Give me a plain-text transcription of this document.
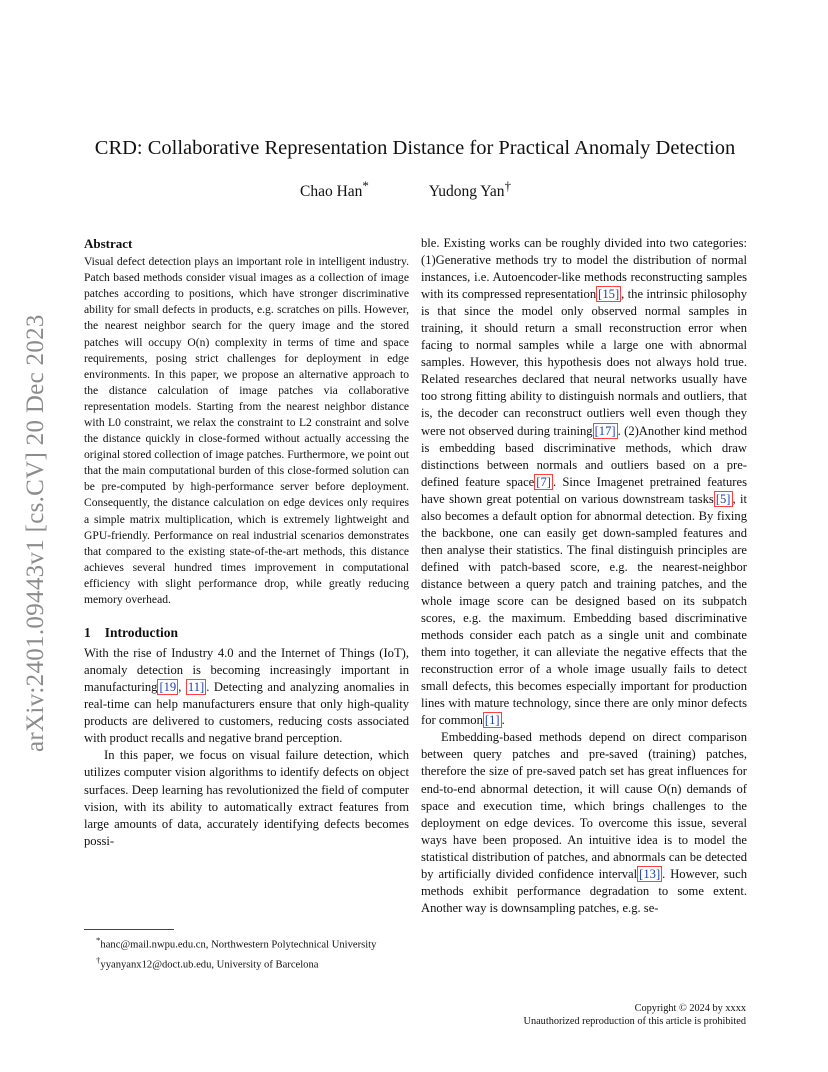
arXiv:2401.09443v1 [cs.CV] 20 Dec 2023
CRD: Collaborative Representation Distance for Practical Anomaly Detection
Chao Han*	Yudong Yan†
Abstract

Visual defect detection plays an important role in intelligent industry. Patch based methods consider visual images as a collection of image patches according to positions, which have stronger discriminative ability for small defects in products, e.g. scratches on pills. However, the nearest neighbor search for the query image and the stored patches will occupy O(n) complexity in terms of time and space requirements, posing strict challenges for deployment in edge environments. In this paper, we propose an alternative approach to the distance calculation of image patches via collaborative representation models. Starting from the nearest neighbor distance with L0 constraint, we relax the constraint to L2 constraint and solve the distance quickly in close-formed without actually accessing the original stored collection of image patches. Furthermore, we point out that the main computational burden of this close-formed solution can be pre-computed by high-performance server before deployment. Consequently, the distance calculation on edge devices only requires a simple matrix multiplication, which is extremely lightweight and GPU-friendly. Performance on real industrial scenarios demonstrates that compared to the existing state-of-the-art methods, this distance achieves several hundred times improvement in computational efficiency with slight performance drop, while greatly reducing memory overhead.

1 Introduction

With the rise of Industry 4.0 and the Internet of Things (IoT), anomaly detection is becoming increasingly important in manufacturing [19 , 11] . Detecting and analyzing anomalies in real-time can help manufacturers ensure that only high-quality products are delivered to customers, reducing costs associated with product recalls and negative brand perception.

In this paper, we focus on visual failure detection, which utilizes computer vision algorithms to identify defects on object surfaces. Deep learning has revolutionized the field of computer vision, with its ability to automatically extract features from large amounts of data, accurately identifying defects becomes possi-

ble. Existing works can be roughly divided into two categories: (1)Generative methods try to model the distribution of normal instances, i.e. Autoencoder-like methods reconstructing samples with its compressed representation [15] , the intrinsic philosophy is that since the model only observed normal samples in training, it should return a small reconstruction error when facing to normal samples while a large one with abnormal samples. However, this hypothesis does not always hold true. Related researches declared that neural networks usually have too strong fitting ability to distinguish normals and outliers, that is, the decoder can reconstruct outliers well even though they were not observed during training [17] . (2)Another kind method is embedding based discriminative methods, which draw distinctions between normals and outliers based on a pre-defined feature space [7] . Since Imagenet pretrained features have shown great potential on various downstream tasks [5] , it also becomes a default option for abnormal detection. By fixing the backbone, one can easily get down-sampled features and then analyse their statistics. The final distinguish principles are defined with patch-based score, e.g. the nearest-neighbor distance between a query patch and training patches, and the whole image score can be designed based on its subpatch scores, e.g. the maximum. Embedding based discriminative methods consider each patch as a single unit and combinate them into together, it can alleviate the negative effects that the reconstruction error of a whole image usually fails to detect small defects, this becomes especially important for production lines with mature technology, since there are only minor defects for common [1] .

Embedding-based methods depend on direct comparison between query patches and pre-saved (training) patches, therefore the size of pre-saved patch set has great influences for end-to-end abnormal detection, it will cause O(n) demands of space and execution time, which brings challenges to the deployment on edge devices. To overcome this issue, several ways have been proposed. An intuitive idea is to model the statistical distribution of patches, and abnormals can be detected by artificially divided confidence interval [13] . However, such methods exhibit performance degradation to some extent. Another way is downsampling patches, e.g. se-

*hanc@mail.nwpu.edu.cn, Northwestern Polytechnical University

†yyanyanx12@doct.ub.edu, University of Barcelona

Copyright © 2024 by xxxx
Unauthorized reproduction of this article is prohibited
